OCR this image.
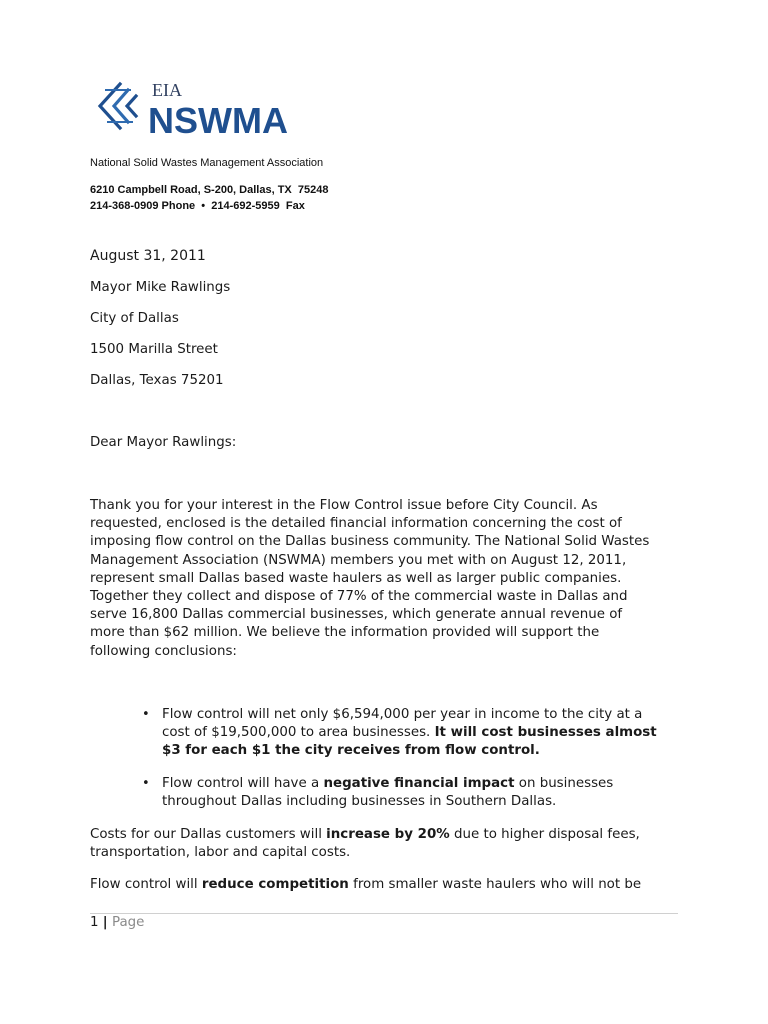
EIA
NSWMA
National Solid Wastes Management Association
6210 Campbell Road, S-200, Dallas, TX  75248
214-368-0909 Phone  •  214-692-5959  Fax
August 31, 2011
Mayor Mike Rawlings
City of Dallas
1500 Marilla Street
Dallas, Texas 75201
Dear Mayor Rawlings:
Thank you for your interest in the Flow Control issue before City Council. As
requested, enclosed is the detailed financial information concerning the cost of
imposing flow control on the Dallas business community. The National Solid Wastes
Management Association (NSWMA) members you met with on August 12, 2011,
represent small Dallas based waste haulers as well as larger public companies.
Together they collect and dispose of 77% of the commercial waste in Dallas and
serve 16,800 Dallas commercial businesses, which generate annual revenue of
more than $62 million. We believe the information provided will support the
following conclusions:
• Flow control will net only $6,594,000 per year in income to the city at a
cost of $19,500,000 to area businesses. It will cost businesses almost
$3 for each $1 the city receives from flow control.
• Flow control will have a negative financial impact on businesses
throughout Dallas including businesses in Southern Dallas.
Costs for our Dallas customers will increase by 20% due to higher disposal fees,
transportation, labor and capital costs.
Flow control will reduce competition from smaller waste haulers who will not be
1 | Page
